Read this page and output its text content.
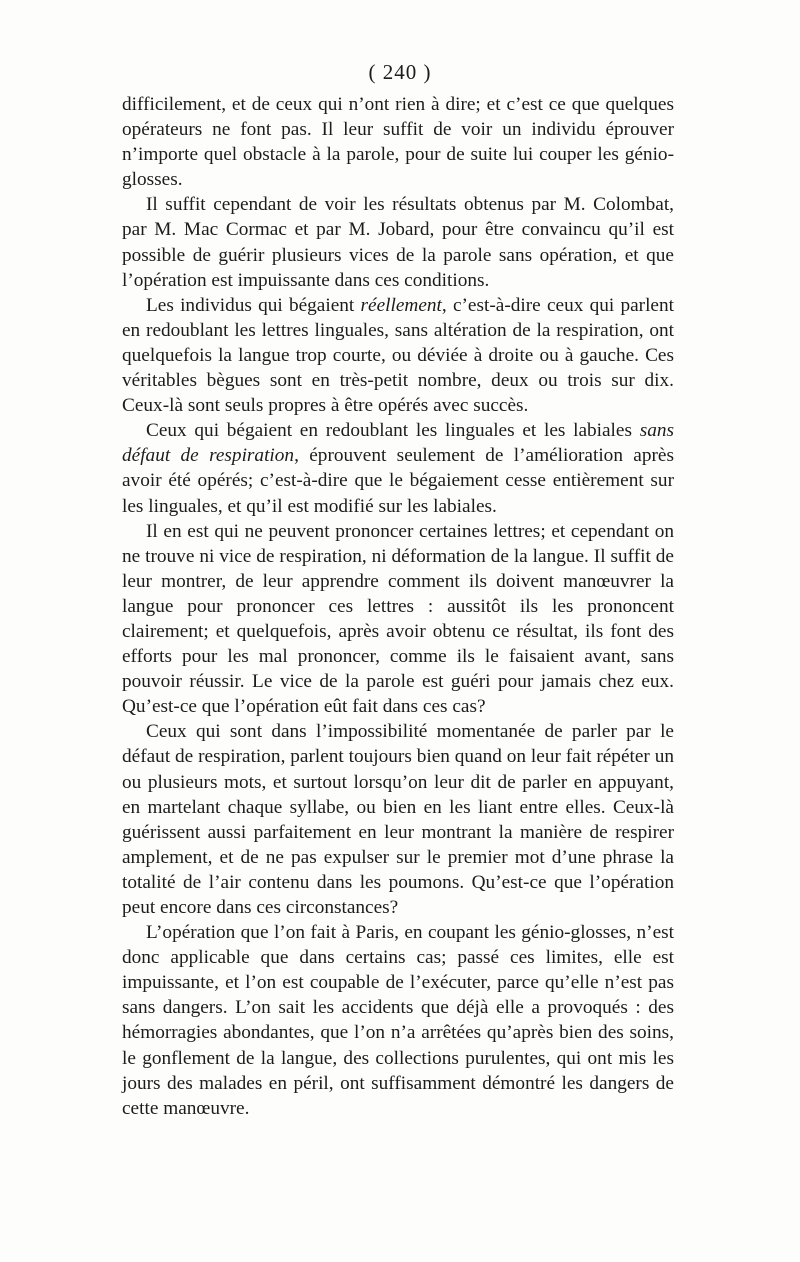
( 240 )

difficilement, et de ceux qui n’ont rien à dire; et c’est ce que quelques opérateurs ne font pas. Il leur suffit de voir un individu éprouver n’importe quel obstacle à la parole, pour de suite lui couper les génio-glosses.

Il suffit cependant de voir les résultats obtenus par M. Colombat, par M. Mac Cormac et par M. Jobard, pour être convaincu qu’il est possible de guérir plusieurs vices de la parole sans opération, et que l’opération est impuissante dans ces conditions.

Les individus qui bégaient réellement, c’est-à-dire ceux qui parlent en redoublant les lettres linguales, sans altération de la respiration, ont quelquefois la langue trop courte, ou déviée à droite ou à gauche. Ces véritables bègues sont en très-petit nombre, deux ou trois sur dix. Ceux-là sont seuls propres à être opérés avec succès.

Ceux qui bégaient en redoublant les linguales et les labiales sans défaut de respiration, éprouvent seulement de l’amélioration après avoir été opérés; c’est-à-dire que le bégaiement cesse entièrement sur les linguales, et qu’il est modifié sur les labiales.

Il en est qui ne peuvent prononcer certaines lettres; et cependant on ne trouve ni vice de respiration, ni déformation de la langue. Il suffit de leur montrer, de leur apprendre comment ils doivent manœuvrer la langue pour prononcer ces lettres : aussitôt ils les prononcent clairement; et quelquefois, après avoir obtenu ce résultat, ils font des efforts pour les mal prononcer, comme ils le faisaient avant, sans pouvoir réussir. Le vice de la parole est guéri pour jamais chez eux. Qu’est-ce que l’opération eût fait dans ces cas?

Ceux qui sont dans l’impossibilité momentanée de parler par le défaut de respiration, parlent toujours bien quand on leur fait répéter un ou plusieurs mots, et surtout lorsqu’on leur dit de parler en appuyant, en martelant chaque syllabe, ou bien en les liant entre elles. Ceux-là guérissent aussi parfaitement en leur montrant la manière de respirer amplement, et de ne pas expulser sur le premier mot d’une phrase la totalité de l’air contenu dans les poumons. Qu’est-ce que l’opération peut encore dans ces circonstances?

L’opération que l’on fait à Paris, en coupant les génio-glosses, n’est donc applicable que dans certains cas; passé ces limites, elle est impuissante, et l’on est coupable de l’exécuter, parce qu’elle n’est pas sans dangers. L’on sait les accidents que déjà elle a provoqués : des hémorragies abondantes, que l’on n’a arrêtées qu’après bien des soins, le gonflement de la langue, des collections purulentes, qui ont mis les jours des malades en péril, ont suffisamment démontré les dangers de cette manœuvre.
